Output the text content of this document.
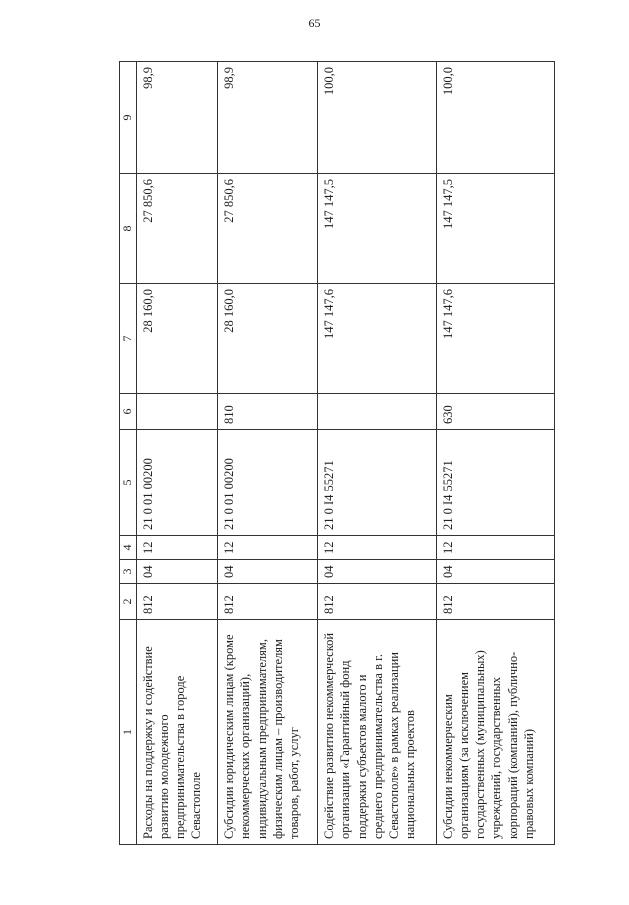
65
1	2	3	4	5	6	7	8	9
Расходы на поддержку и содействие развитию молодежного предпринимательства в городе Севастополе	812	04	12	21 0 01 00200		28 160,0	27 850,6	98,9
Субсидии юридическим лицам (кроме некоммерческих организаций), индивидуальным предпринимателям, физическим лицам – производителям товаров, работ, услуг	812	04	12	21 0 01 00200	810	28 160,0	27 850,6	98,9
Содействие развитию некоммерческой организации «Гарантийный фонд поддержки субъектов малого и среднего предпринимательства в г. Севастополе» в рамках реализации национальных проектов	812	04	12	21 0 I4 55271		147 147,6	147 147,5	100,0
Субсидии некоммерческим организациям (за исключением государственных (муниципальных) учреждений, государственных корпораций (компаний), публично-правовых компаний)	812	04	12	21 0 I4 55271	630	147 147,6	147 147,5	100,0
